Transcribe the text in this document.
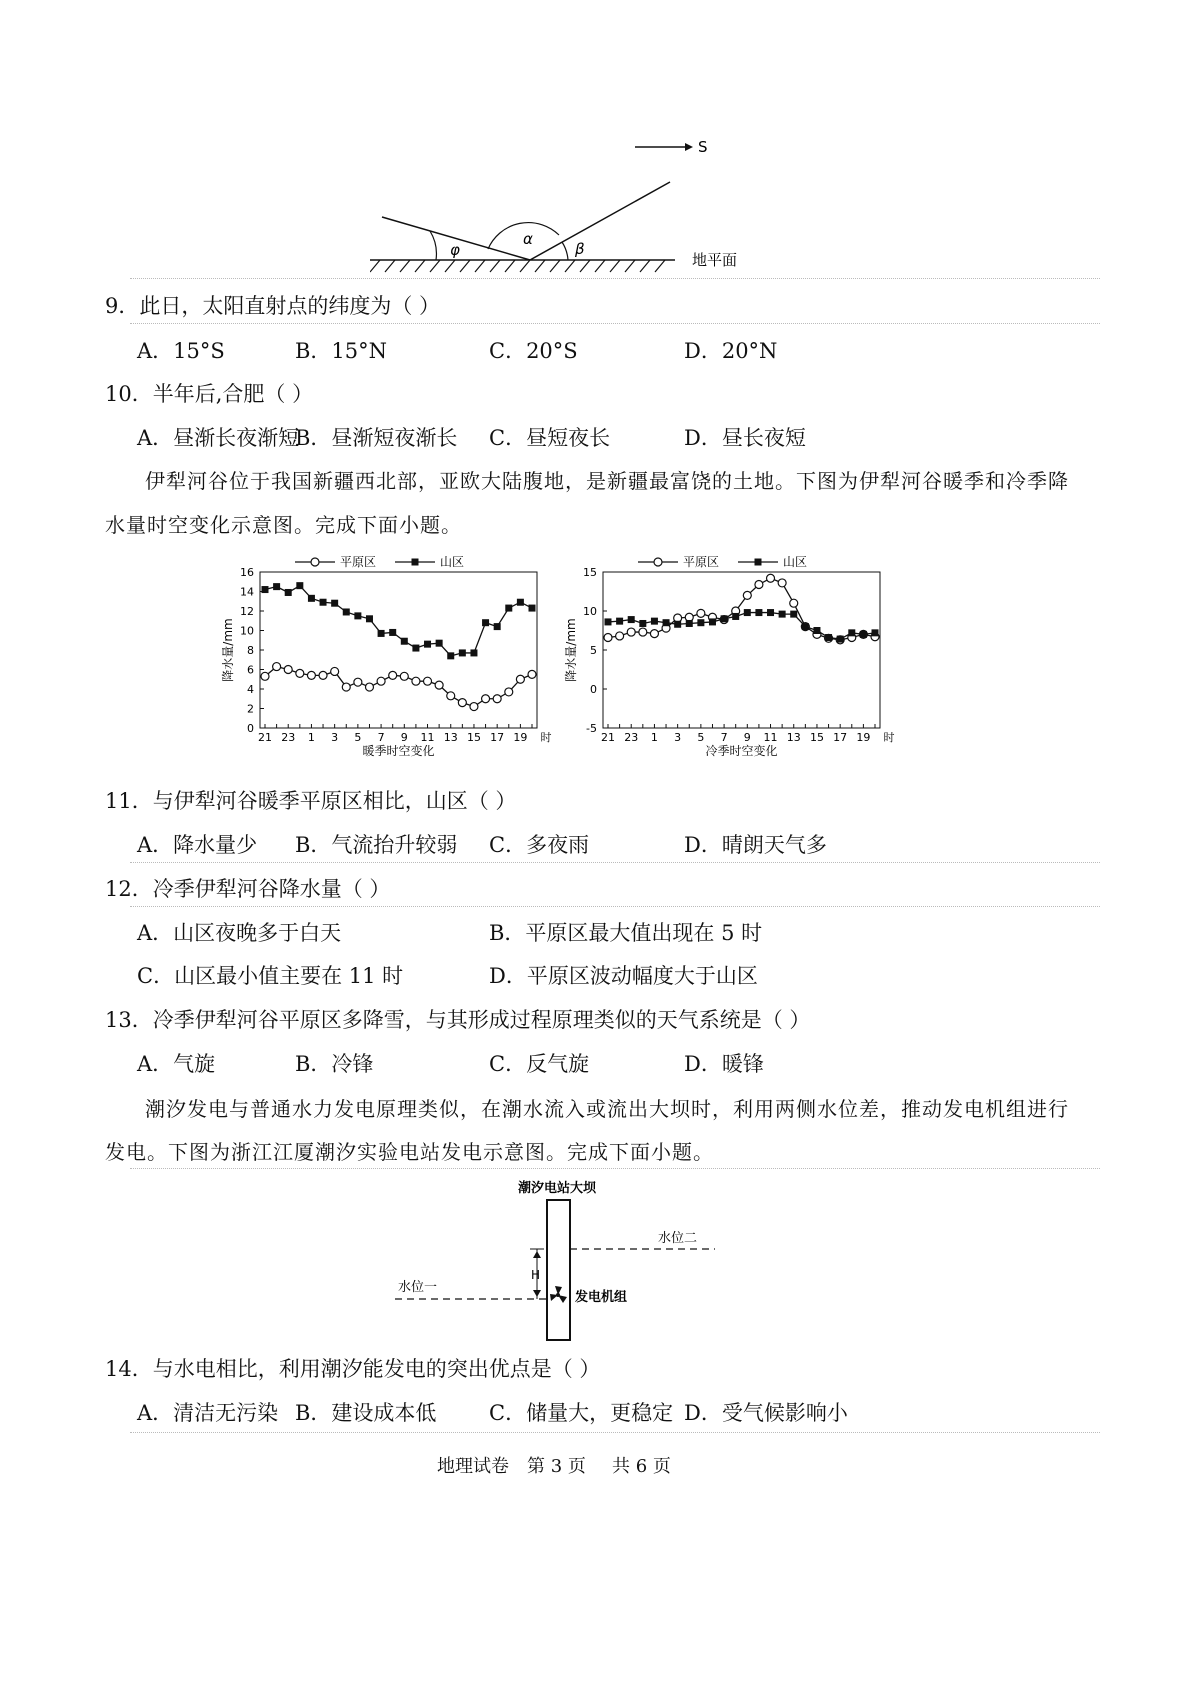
S
φ
α
β
地平面
9．此日，太阳直射点的纬度为（ ）
A．15°S	B．15°N	C．20°S	D．20°N
10．半年后,合肥（ ）
A．昼渐长夜渐短
B．昼渐短夜渐长 C．昼短夜长	D．昼长夜短
伊犁河谷位于我国新疆西北部，亚欧大陆腹地，是新疆最富饶的土地。下图为伊犁河谷暖季和冷季降
水量时空变化示意图。完成下面小题。
0
2
4
6
8
10
12
14
16
21 23 1 3 5 7 9 11 13 15 17 19 时
暖季时空变化
降水量/mm
平原区	山区
-5
0
5
10
15
21 23 1 3 5 7 9 11 13 15 17 19 时
冷季时空变化
降水量/mm
平原区	山区
11．与伊犁河谷暖季平原区相比，山区（ ）
A．降水量少 B．气流抬升较弱 C．多夜雨	D．晴朗天气多
12．冷季伊犁河谷降水量（ ）
A．山区夜晚多于白天	B．平原区最大值出现在 5 时
C．山区最小值主要在 11 时	D．平原区波动幅度大于山区
13．冷季伊犁河谷平原区多降雪，与其形成过程原理类似的天气系统是（ ）
A．气旋	B．冷锋	C．反气旋	D．暖锋
潮汐发电与普通水力发电原理类似，在潮水流入或流出大坝时，利用两侧水位差，推动发电机组进行
发电。下图为浙江江厦潮汐实验电站发电示意图。完成下面小题。
潮汐电站大坝
水位二
水位一
H
发电机组
14．与水电相比，利用潮汐能发电的突出优点是（ ）
A．清洁无污染 B．建设成本低	C．储量大，更稳定 D．受气候影响小
地理试卷 第 3 页 共 6 页
